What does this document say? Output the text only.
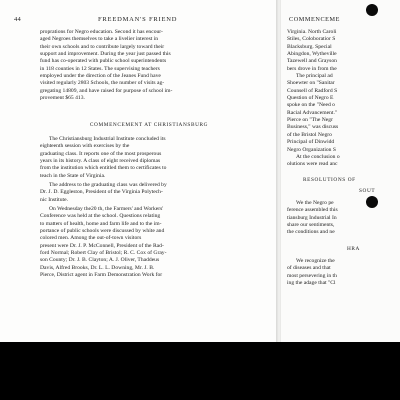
44	FREEDMAN'S FRIEND
proprations for Negro education. Second it has encour-
aged Negroes themselves to take a livelier interest in
their own schools and to contribute largely toward their
support and improvement. During the year just passed this
fund has co-operated with public school superintendents
in 118 counties in 12 States. The supervising teachers
employed under the direction of the Jeanes Fund have
visited regularly 2803 Schools, the number of visits ag-
gregating 14809, and have raised for purpose of school im-
provement $65 413.
COMMENCEMENT AT CHRISTIANSBURG
The Christiansburg Industrial Institute concluded its
eighteenth session with exercises by the
graduating class. It reports one of the most prosperous
years in its history. A class of eight received diplomas
from the institution which entitled them to certificates to
teach in the State of Virginia.
The address to the graduating class was delivered by
Dr. J. D. Eggleston, President of the Virginia Polytech-
nic Institute.
On Wednesday the20 th, the Farmers' and Workers'
Conference was held at the school. Questions relating
to matters of health, home and farm life and to the im-
portance of public schools were discussed by white and
colored men. Among the out-of-town visitors
present were Dr. J. P. McConnell, President of the Rad-
ford Normal; Robert Clay of Bristol; R. C. Cox of Gray-
son County; Dr. J. B. Clayton; A. J. Oliver, Thaddeus
Davis, Alfred Brooks, Dr. L. L. Downing, Mr. J. B.
Pierce, District agent in Farm Demonstration Work for
COMMENCEME
Virginia. North Caroli
Stiles, Coloboratior S
Blacksburg. Special
Abingdon, Wytheville
Tazewell and Grayson
bers drove in from the
The principal ad
Shoewter on "Sanitar
Counsell of Radford S
Question of Negro E
spoke on the "Need o
Racial Advancement."
Pierce on "The Negr
Business," was discuss
of the Bristol Negro
Principal of Dinwidd
Negro Organization S
At the conclusion o
olutions were read anc
RESOLUTIONS OF
SOUT
We the Negro pe
ference assembled this
tiansburg Industrial In
share our sentiments,
the conditions and ne
HRA
We recognize the
of diseases and that
most persevering in th
ing the adage that "Cl
